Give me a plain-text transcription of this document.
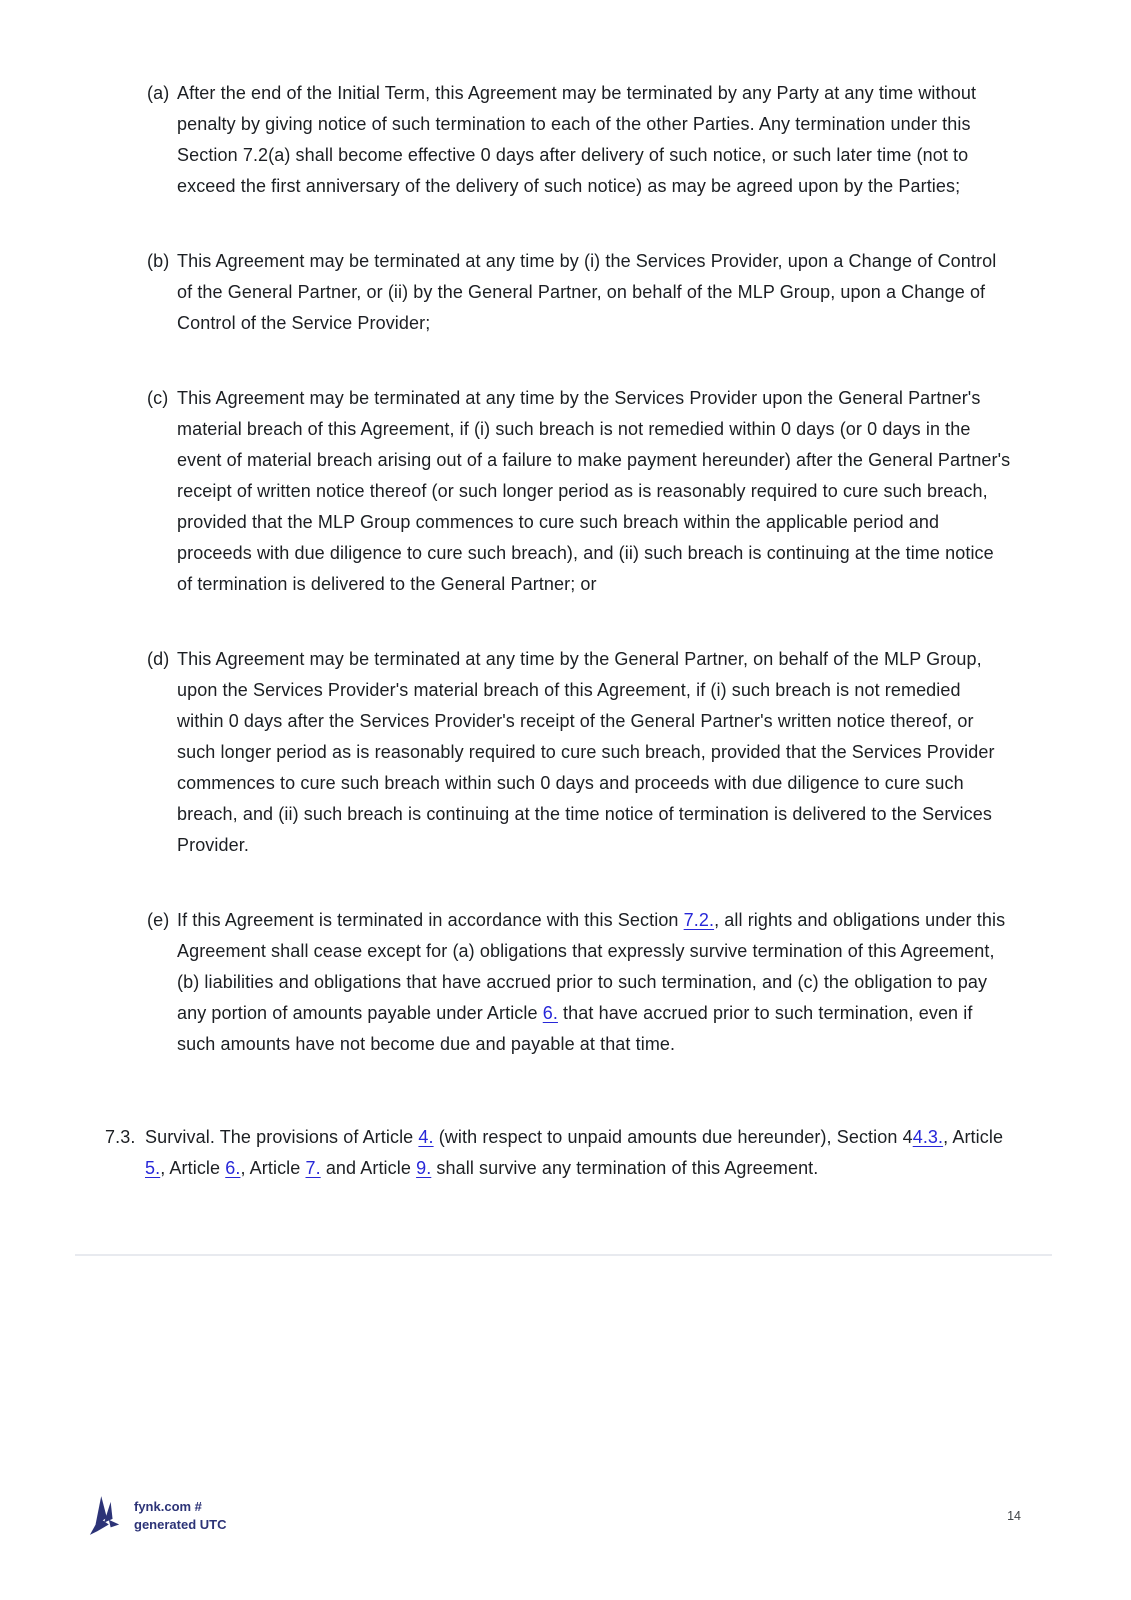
(a) After the end of the Initial Term, this Agreement may be terminated by any Party at any time without penalty by giving notice of such termination to each of the other Parties. Any termination under this Section 7.2(a) shall become effective 0 days after delivery of such notice, or such later time (not to exceed the first anniversary of the delivery of such notice) as may be agreed upon by the Parties;
(b) This Agreement may be terminated at any time by (i) the Services Provider, upon a Change of Control of the General Partner, or (ii) by the General Partner, on behalf of the MLP Group, upon a Change of Control of the Service Provider;
(c) This Agreement may be terminated at any time by the Services Provider upon the General Partner's material breach of this Agreement, if (i) such breach is not remedied within 0 days (or 0 days in the event of material breach arising out of a failure to make payment hereunder) after the General Partner's receipt of written notice thereof (or such longer period as is reasonably required to cure such breach, provided that the MLP Group commences to cure such breach within the applicable period and proceeds with due diligence to cure such breach), and (ii) such breach is continuing at the time notice of termination is delivered to the General Partner; or
(d) This Agreement may be terminated at any time by the General Partner, on behalf of the MLP Group, upon the Services Provider's material breach of this Agreement, if (i) such breach is not remedied within 0 days after the Services Provider's receipt of the General Partner's written notice thereof, or such longer period as is reasonably required to cure such breach, provided that the Services Provider commences to cure such breach within such 0 days and proceeds with due diligence to cure such breach, and (ii) such breach is continuing at the time notice of termination is delivered to the Services Provider.
(e) If this Agreement is terminated in accordance with this Section 7.2., all rights and obligations under this Agreement shall cease except for (a) obligations that expressly survive termination of this Agreement, (b) liabilities and obligations that have accrued prior to such termination, and (c) the obligation to pay any portion of amounts payable under Article 6. that have accrued prior to such termination, even if such amounts have not become due and payable at that time.
7.3. Survival. The provisions of Article 4. (with respect to unpaid amounts due hereunder), Section 44.3., Article 5., Article 6., Article 7. and Article 9. shall survive any termination of this Agreement.
fynk.com #
generated UTC
14
